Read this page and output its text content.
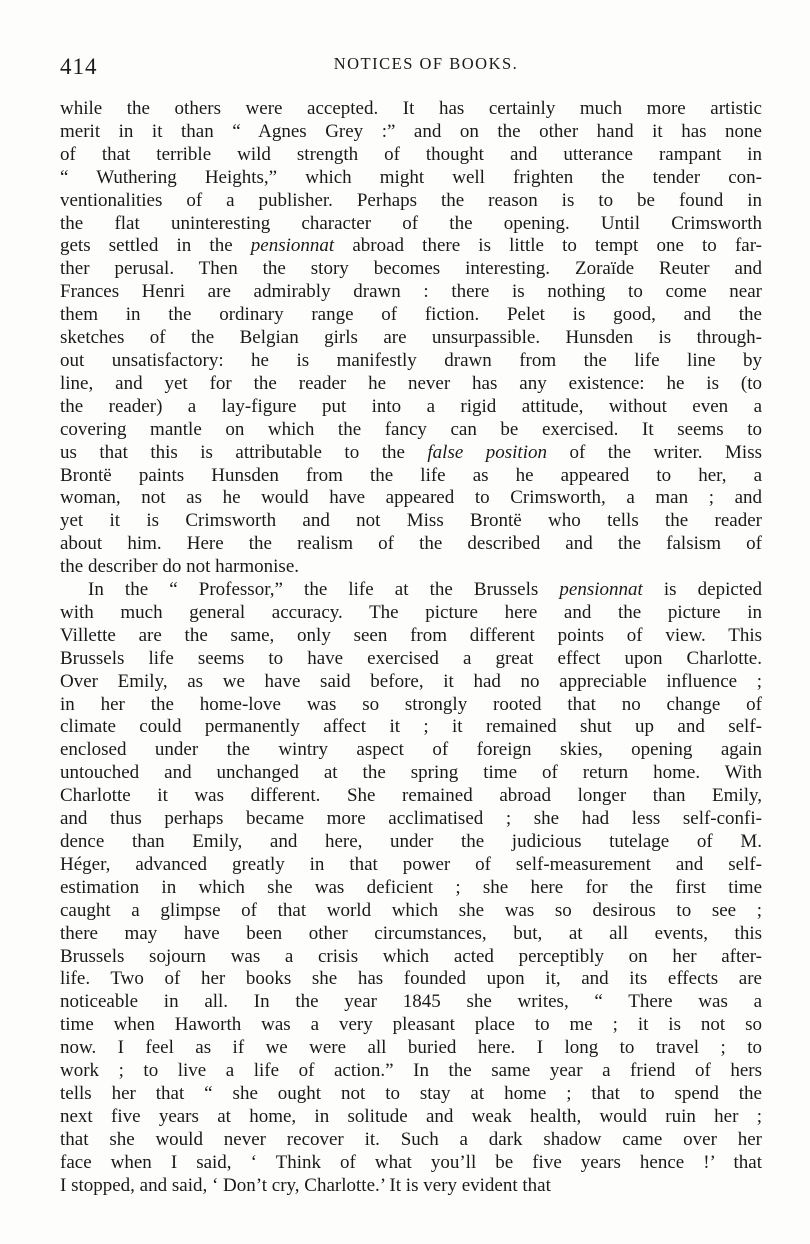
414	NOTICES OF BOOKS.

while the others were accepted. It has certainly much more artistic
merit in it than “ Agnes Grey :” and on the other hand it has none
of that terrible wild strength of thought and utterance rampant in
“ Wuthering Heights,” which might well frighten the tender con-
ventionalities of a publisher. Perhaps the reason is to be found in
the flat uninteresting character of the opening. Until Crimsworth
gets settled in the pensionnat abroad there is little to tempt one to far-
ther perusal. Then the story becomes interesting. Zoraïde Reuter and
Frances Henri are admirably drawn : there is nothing to come near
them in the ordinary range of fiction. Pelet is good, and the
sketches of the Belgian girls are unsurpassible. Hunsden is through-
out unsatisfactory: he is manifestly drawn from the life line by
line, and yet for the reader he never has any existence: he is (to
the reader) a lay-figure put into a rigid attitude, without even a
covering mantle on which the fancy can be exercised. It seems to
us that this is attributable to the false position of the writer. Miss
Brontë paints Hunsden from the life as he appeared to her, a
woman, not as he would have appeared to Crimsworth, a man ; and
yet it is Crimsworth and not Miss Brontë who tells the reader
about him. Here the realism of the described and the falsism of
the describer do not harmonise.

In the “ Professor,” the life at the Brussels pensionnat is depicted
with much general accuracy. The picture here and the picture in
Villette are the same, only seen from different points of view. This
Brussels life seems to have exercised a great effect upon Charlotte.
Over Emily, as we have said before, it had no appreciable influence ;
in her the home-love was so strongly rooted that no change of
climate could permanently affect it ; it remained shut up and self-
enclosed under the wintry aspect of foreign skies, opening again
untouched and unchanged at the spring time of return home. With
Charlotte it was different. She remained abroad longer than Emily,
and thus perhaps became more acclimatised ; she had less self-confi-
dence than Emily, and here, under the judicious tutelage of M.
Héger, advanced greatly in that power of self-measurement and self-
estimation in which she was deficient ; she here for the first time
caught a glimpse of that world which she was so desirous to see ;
there may have been other circumstances, but, at all events, this
Brussels sojourn was a crisis which acted perceptibly on her after-
life. Two of her books she has founded upon it, and its effects are
noticeable in all. In the year 1845 she writes, “ There was a
time when Haworth was a very pleasant place to me ; it is not so
now. I feel as if we were all buried here. I long to travel ; to
work ; to live a life of action.” In the same year a friend of hers
tells her that “ she ought not to stay at home ; that to spend the
next five years at home, in solitude and weak health, would ruin her ;
that she would never recover it. Such a dark shadow came over her
face when I said, ‘ Think of what you’ll be five years hence !’ that
I stopped, and said, ‘ Don’t cry, Charlotte.’ It is very evident that
